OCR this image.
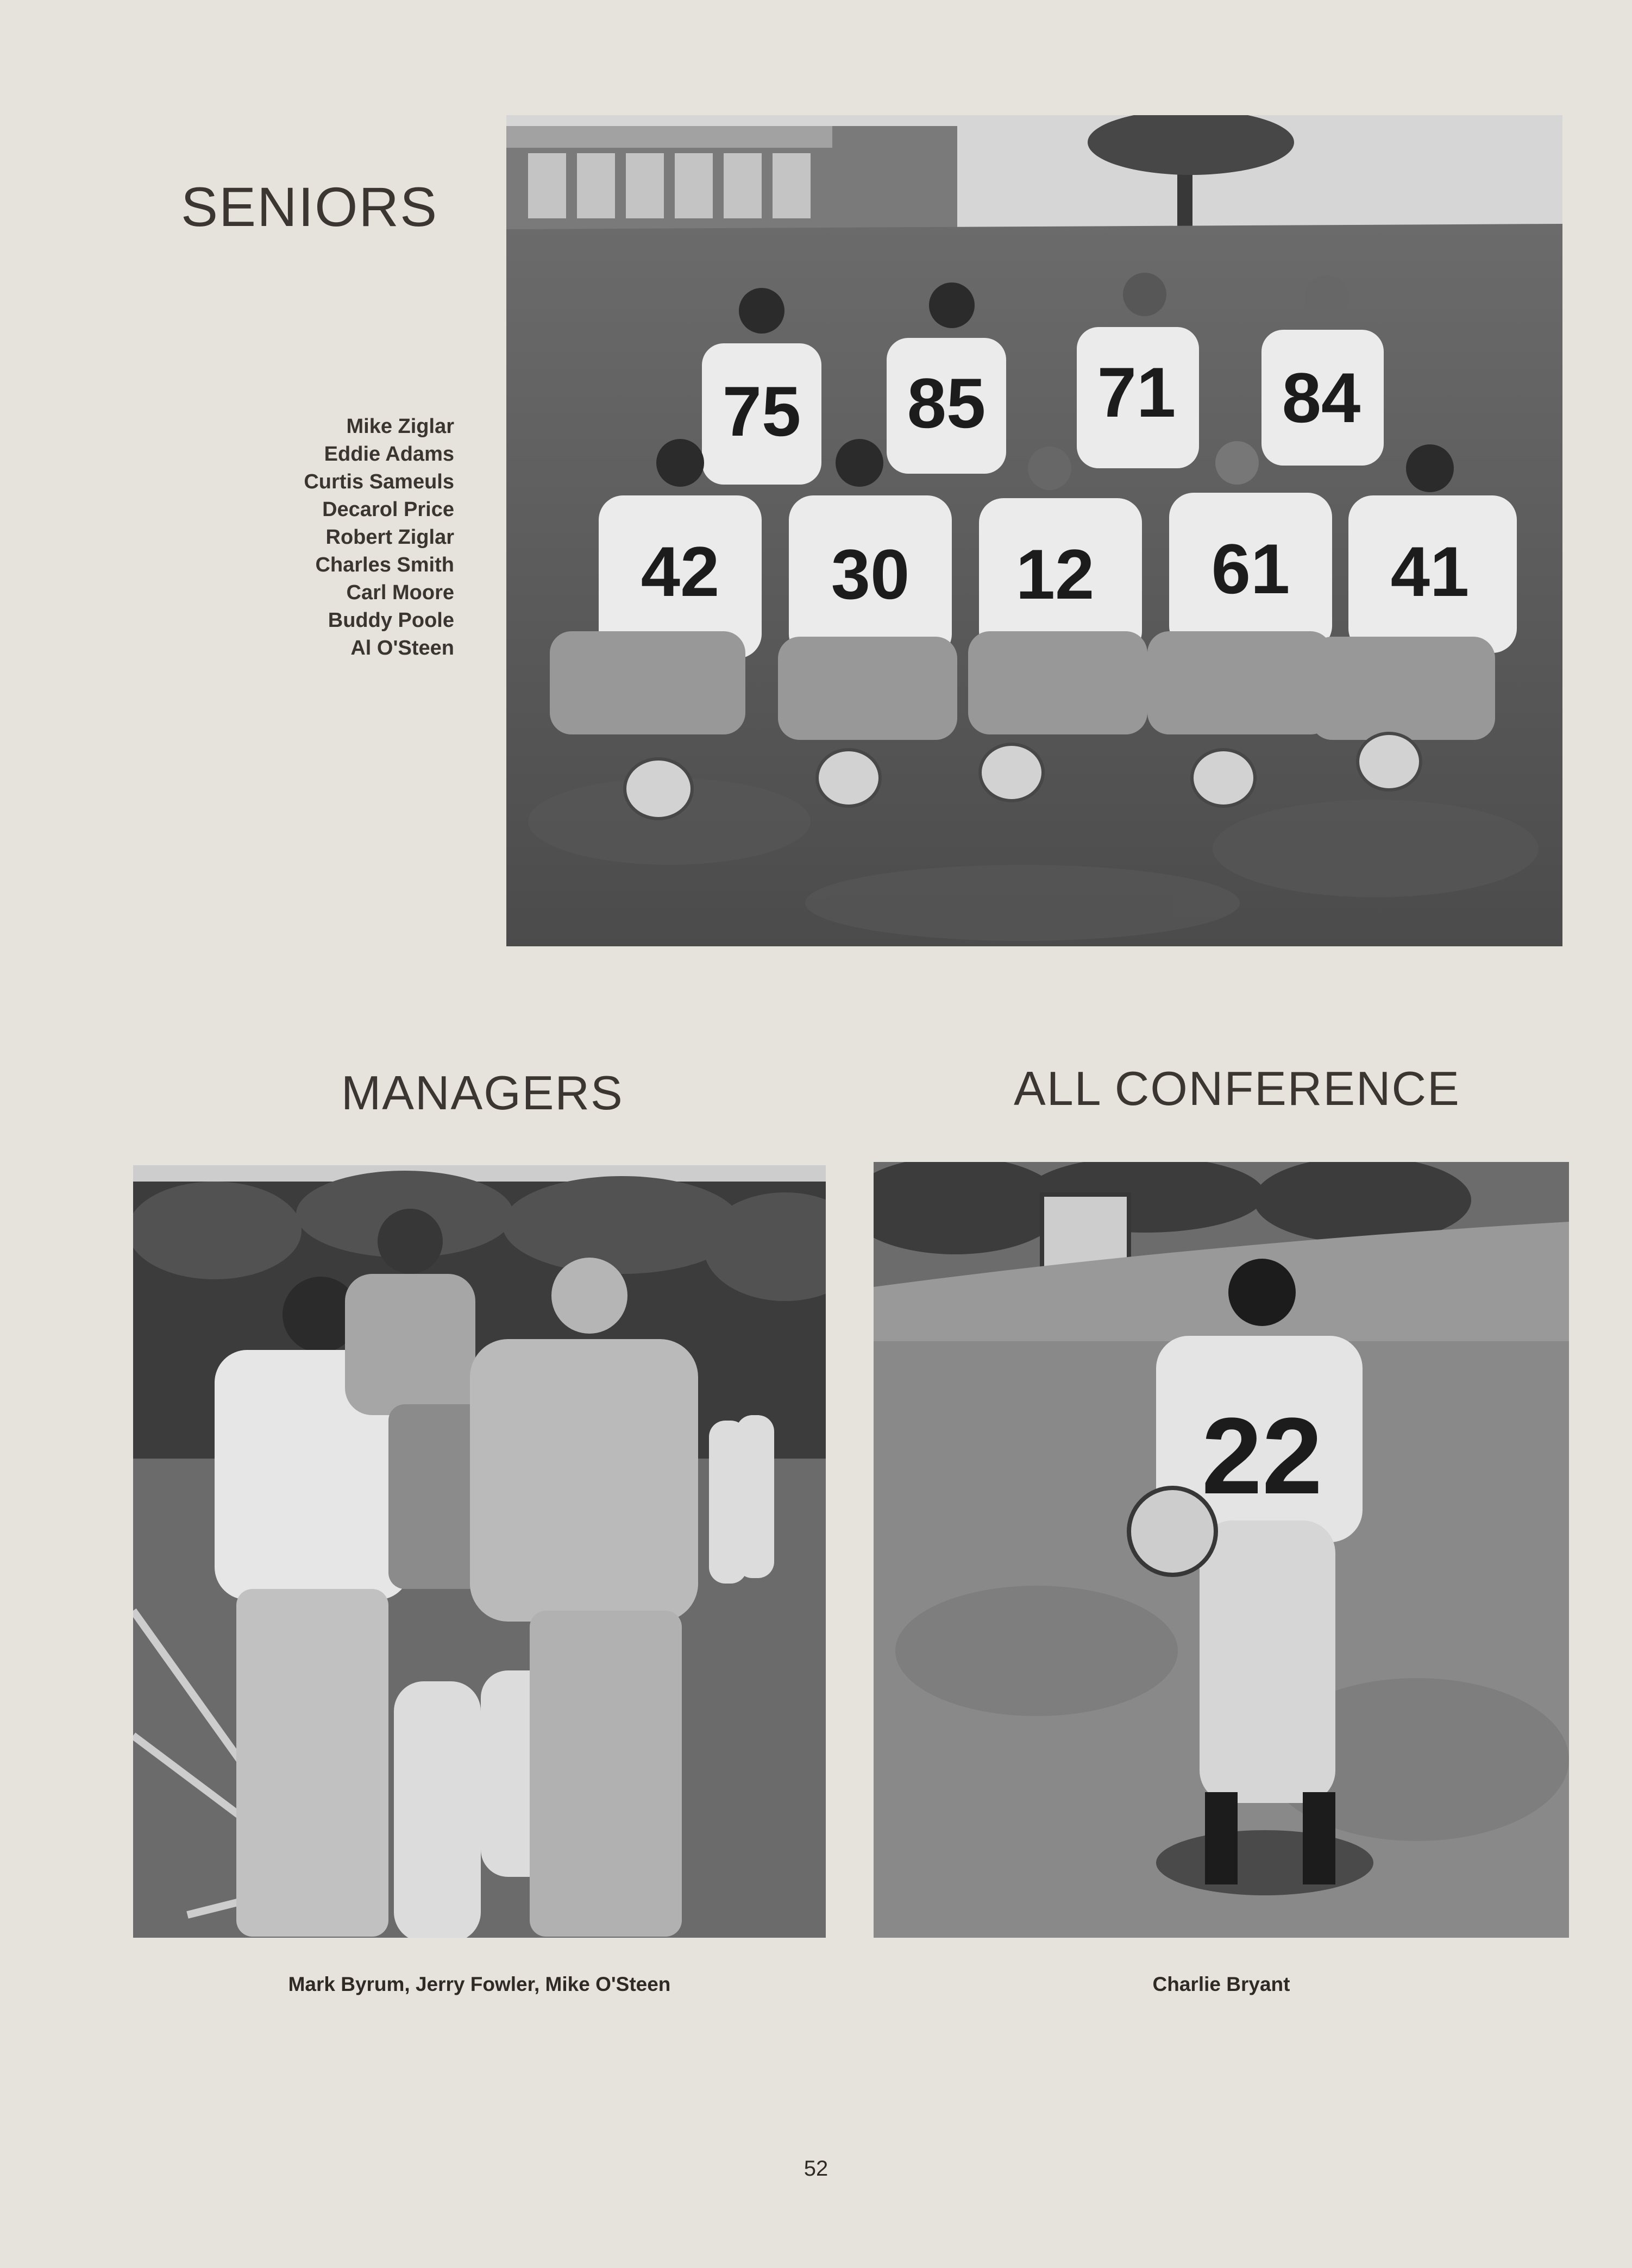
SENIORS
Mike Ziglar
Eddie Adams
Curtis Sameuls
Decarol Price
Robert Ziglar
Charles Smith
Carl Moore
Buddy Poole
Al O'Steen
75 85 71 84
42 30 12 61 41
MANAGERS	ALL CONFERENCE
22
Mark Byrum, Jerry Fowler, Mike O'Steen	Charlie Bryant
52
